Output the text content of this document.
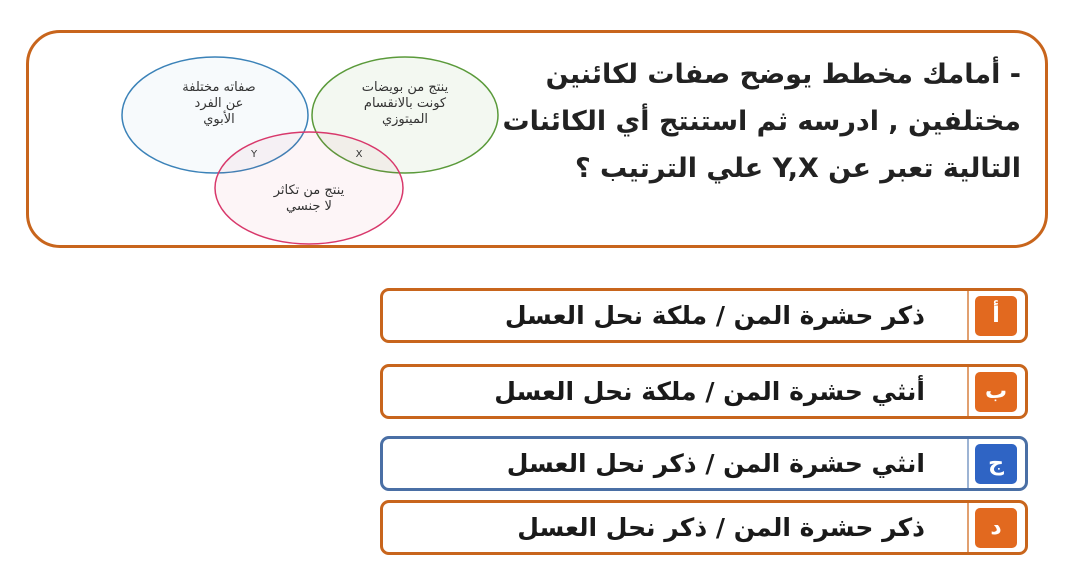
- أمامك مخطط يوضح صفات لكائنين
مختلفين , ادرسه ثم استنتج أي الكائنات
التالية تعبر عن Y,X علي الترتيب ؟
صفاته مختلفة
عن الفرد
الأبوي
ينتج من بويضات
كونت بالانقسام
الميتوزي
Y	X
ينتج من تكاثر
لا جنسي
أ
ذكر حشرة المن / ملكة نحل العسل
ب
أنثي حشرة المن / ملكة نحل العسل
ج
انثي حشرة المن / ذكر نحل العسل
د
ذكر حشرة المن / ذكر نحل العسل
